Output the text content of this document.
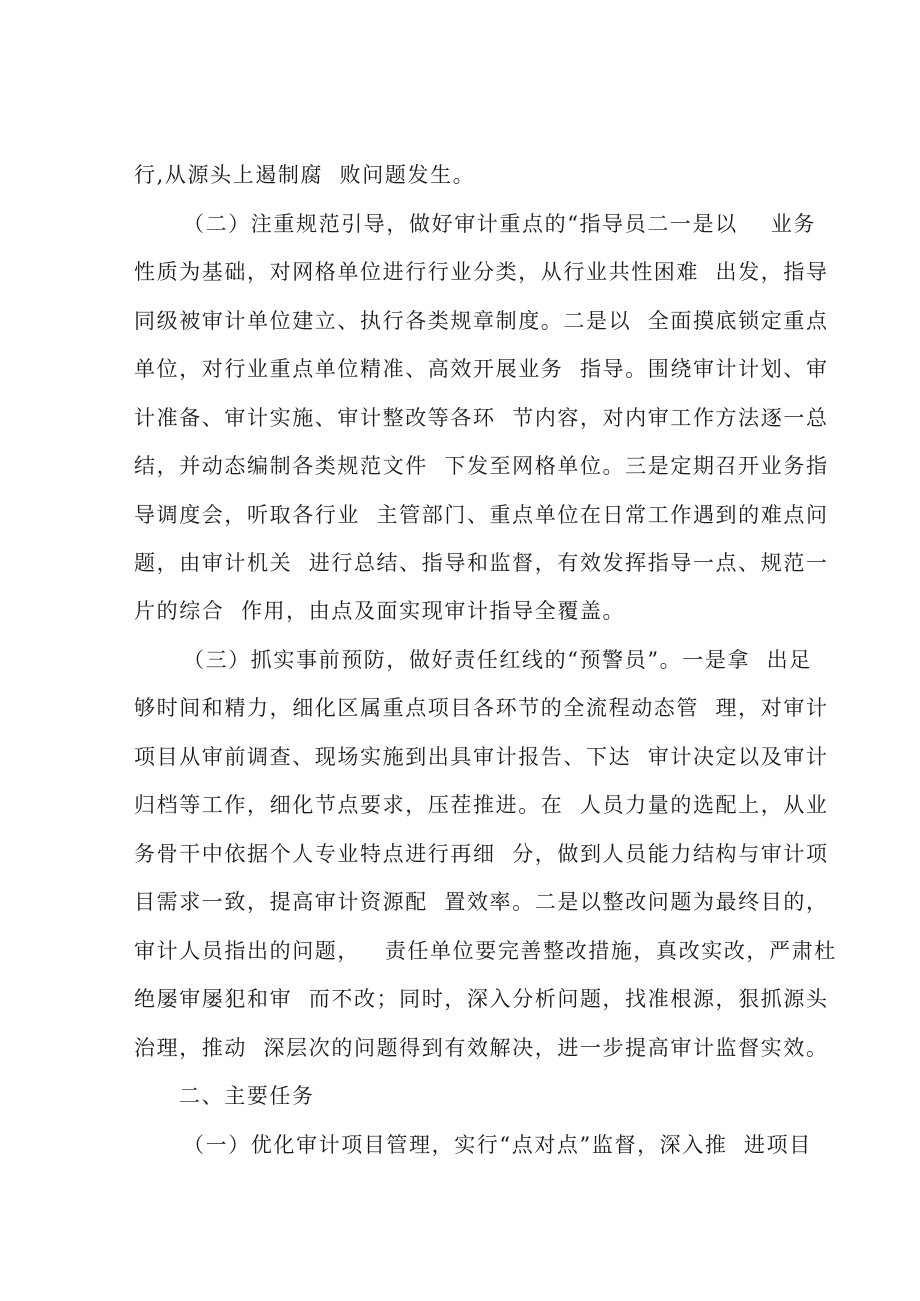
行,从源头上遏制腐  败问题发生。

（二）注重规范引导，做好审计重点的“指导员二一是以    业务

性质为基础，对网格单位进行行业分类，从行业共性困难  出发，指导

同级被审计单位建立、执行各类规章制度。二是以  全面摸底锁定重点

单位，对行业重点单位精准、高效开展业务  指导。围绕审计计划、审

计准备、审计实施、审计整改等各环  节内容，对内审工作方法逐一总

结，并动态编制各类规范文件  下发至网格单位。三是定期召开业务指

导调度会，听取各行业  主管部门、重点单位在日常工作遇到的难点问

题，由审计机关  进行总结、指导和监督，有效发挥指导一点、规范一

片的综合  作用，由点及面实现审计指导全覆盖。

（三）抓实事前预防，做好责任红线的“预警员”。一是拿  出足

够时间和精力，细化区属重点项目各环节的全流程动态管  理，对审计

项目从审前调查、现场实施到出具审计报告、下达  审计决定以及审计

归档等工作，细化节点要求，压茬推进。在  人员力量的选配上，从业

务骨干中依据个人专业特点进行再细  分，做到人员能力结构与审计项

目需求一致，提高审计资源配  置效率。二是以整改问题为最终目的，

审计人员指出的问题，   责任单位要完善整改措施，真改实改，严肃杜

绝屡审屡犯和审  而不改；同时，深入分析问题，找准根源，狠抓源头

治理，推动  深层次的问题得到有效解决，进一步提高审计监督实效。

二、主要任务

（一）优化审计项目管理，实行“点对点”监督，深入推  进项目
